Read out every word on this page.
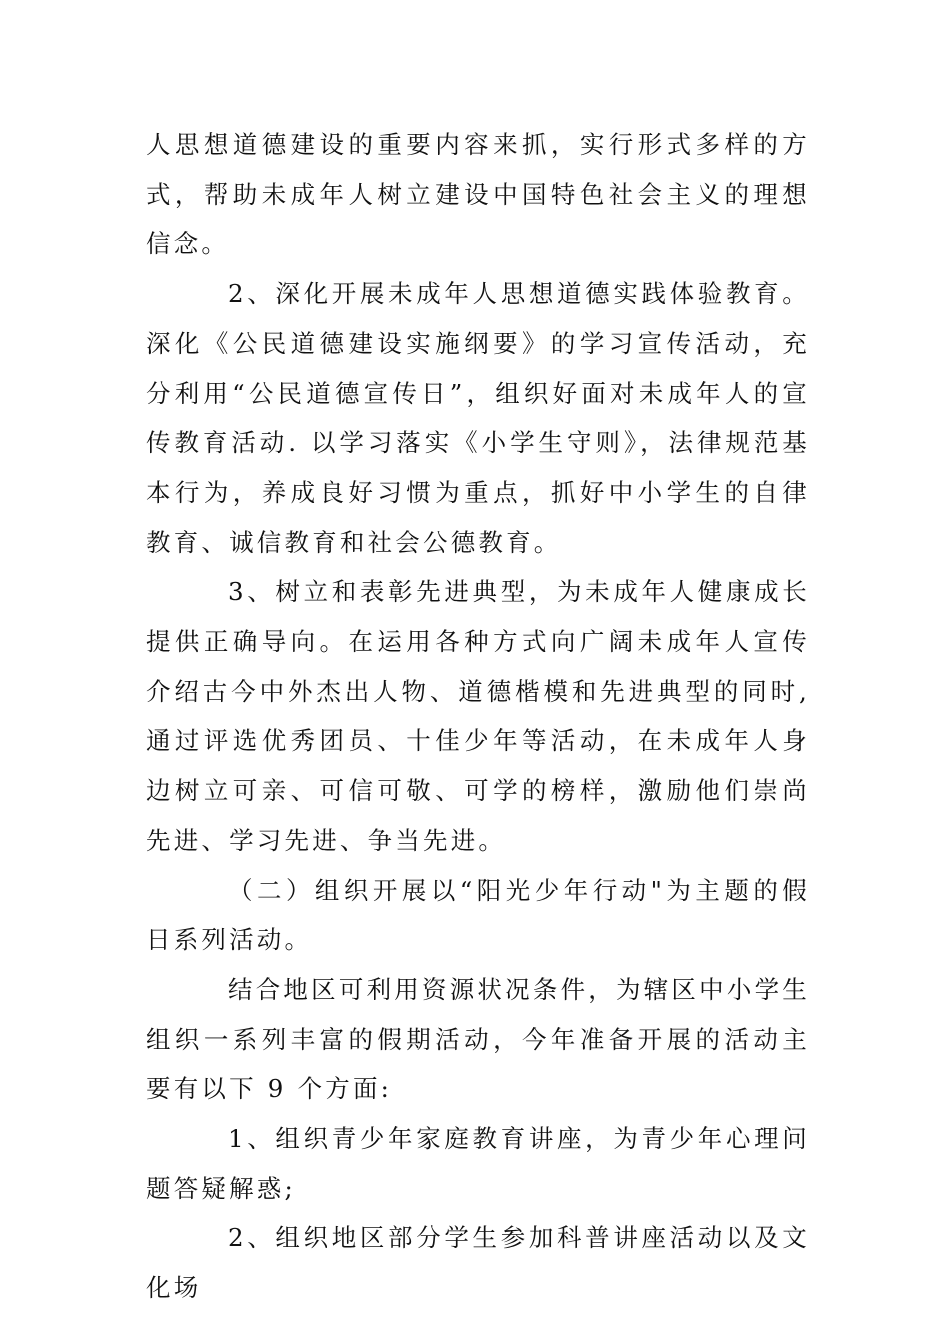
人思想道德建设的重要内容来抓，实行形式多样的方式，帮助未成年人树立建设中国特色社会主义的理想信念。

2、深化开展未成年人思想道德实践体验教育。深化《公民道德建设实施纲要》的学习宣传活动，充分利用“公民道德宣传日”，组织好面对未成年人的宣传教育活动. 以学习落实《小学生守则》，法律规范基本行为，养成良好习惯为重点，抓好中小学生的自律教育、诚信教育和社会公德教育。

3、树立和表彰先进典型，为未成年人健康成长提供正确导向。在运用各种方式向广阔未成年人宣传介绍古今中外杰出人物、道德楷模和先进典型的同时, 通过评选优秀团员、十佳少年等活动，在未成年人身边树立可亲、可信可敬、可学的榜样，激励他们崇尚先进、学习先进、争当先进。

（二）组织开展以“阳光少年行动"为主题的假日系列活动。

结合地区可利用资源状况条件，为辖区中小学生组织一系列丰富的假期活动，今年准备开展的活动主要有以下 9 个方面:

1、组织青少年家庭教育讲座，为青少年心理问题答疑解惑;

2、组织地区部分学生参加科普讲座活动以及文化场
